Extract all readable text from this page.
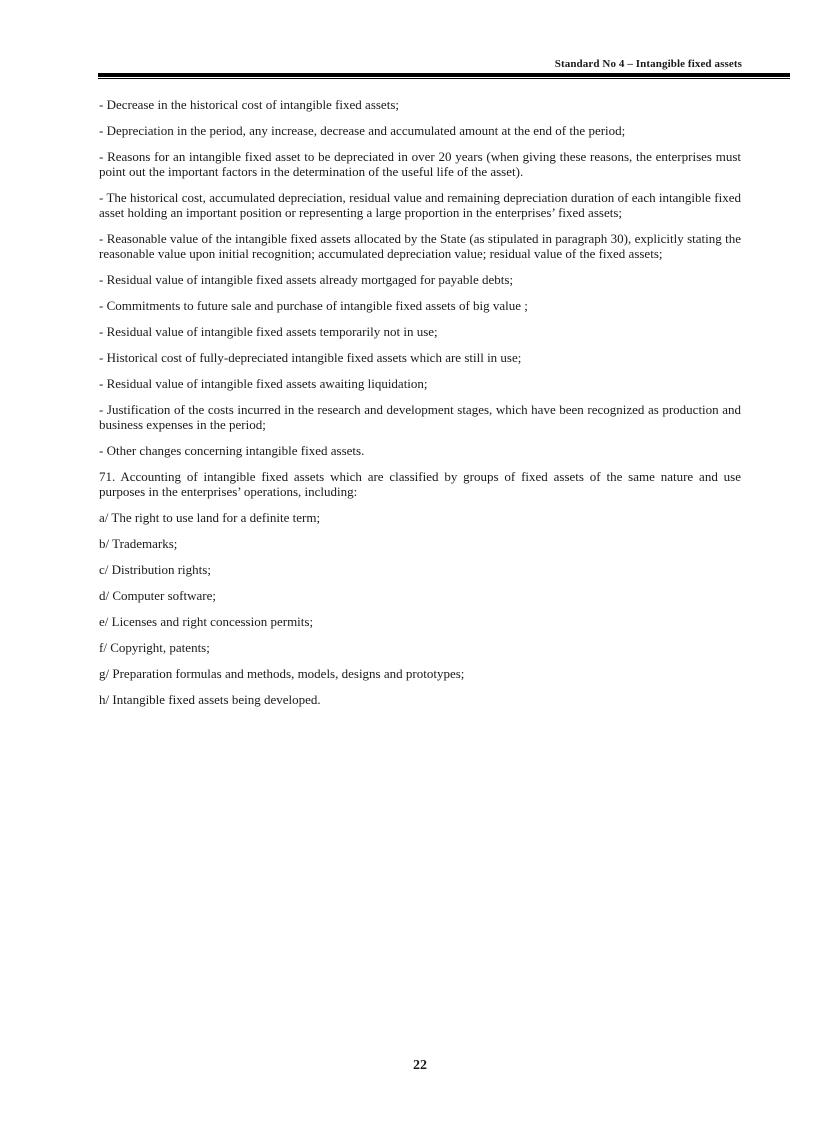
Standard No 4 – Intangible fixed assets

- Decrease in the historical cost of intangible fixed assets;

- Depreciation in the period, any increase, decrease and accumulated amount at the end of the period;

- Reasons for an intangible fixed asset to be depreciated in over 20 years (when giving these reasons, the enterprises must point out the important factors in the determination of the useful life of the asset).

- The historical cost, accumulated depreciation, residual value and remaining depreciation duration of each intangible fixed asset holding an important position or representing a large proportion in the enterprises’ fixed assets;

- Reasonable value of the intangible fixed assets allocated by the State (as stipulated in paragraph 30), explicitly stating the reasonable value upon initial recognition; accumulated depreciation value; residual value of the fixed assets;

- Residual value of intangible fixed assets already mortgaged for payable debts;

- Commitments to future sale and purchase of intangible fixed assets of big value ;

- Residual value of intangible fixed assets temporarily not in use;

- Historical cost of fully-depreciated intangible fixed assets which are still in use;

- Residual value of intangible fixed assets awaiting liquidation;

- Justification of the costs incurred in the research and development stages, which have been recognized as production and business expenses in the period;

- Other changes concerning intangible fixed assets.

71. Accounting of intangible fixed assets which are classified by groups of fixed assets of the same nature and use purposes in the enterprises’ operations, including:

a/ The right to use land for a definite term;

b/ Trademarks;

c/ Distribution rights;

d/ Computer software;

e/ Licenses and right concession permits;

f/ Copyright, patents;

g/ Preparation formulas and methods, models, designs and prototypes;

h/ Intangible fixed assets being developed.

22
